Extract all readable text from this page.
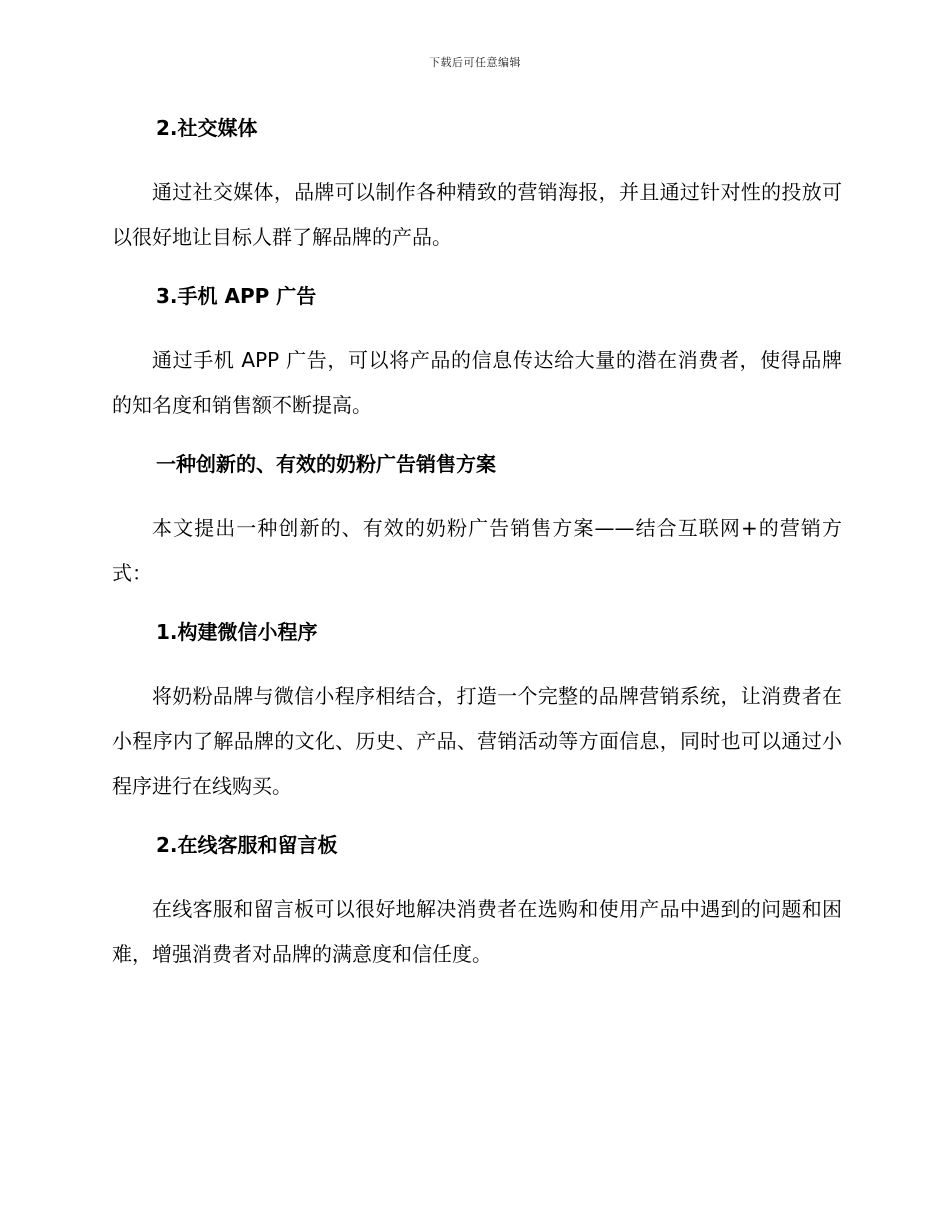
下载后可任意编辑
2.社交媒体

通过社交媒体，品牌可以制作各种精致的营销海报，并且通过针对性的投放可以很好地让目标人群了解品牌的产品。

3.手机 APP 广告

通过手机 APP 广告，可以将产品的信息传达给大量的潜在消费者，使得品牌的知名度和销售额不断提高。

一种创新的、有效的奶粉广告销售方案

本文提出一种创新的、有效的奶粉广告销售方案——结合互联网+的营销方式：

1.构建微信小程序

将奶粉品牌与微信小程序相结合，打造一个完整的品牌营销系统，让消费者在小程序内了解品牌的文化、历史、产品、营销活动等方面信息，同时也可以通过小程序进行在线购买。

2.在线客服和留言板

在线客服和留言板可以很好地解决消费者在选购和使用产品中遇到的问题和困难，增强消费者对品牌的满意度和信任度。
